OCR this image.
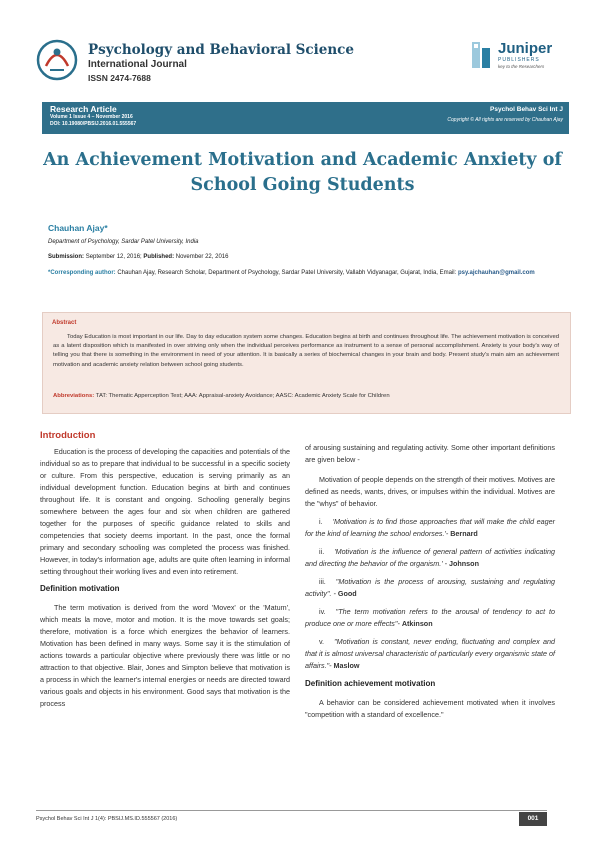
Psychology and Behavioral Science
International Journal
ISSN 2474-7688
Juniper
PUBLISHERS
key to the Researchers
Research Article
Volume 1 Issue 4 – November 2016
DOI: 10.19080/PBSIJ.2016.01.555567
Psychol Behav Sci Int J
Copyright © All rights are reserved by Chauhan Ajay
An Achievement Motivation and Academic Anxiety of School Going Students
Chauhan Ajay*
Department of Psychology, Sardar Patel University, India
Submission: September 12, 2016; Published: November 22, 2016
*Corresponding author: Chauhan Ajay, Research Scholar, Department of Psychology, Sardar Patel University, Vallabh Vidyanagar, Gujarat, India, Email: psy.ajchauhan@gmail.com
Abstract
Today Education is most important in our life. Day to day education system some changes. Education begins at birth and continues throughout life. The achievement motivation is conceived as a latent disposition which is manifested in over striving only when the individual perceives performance as instrument to a sense of personal accomplishment. Anxiety is your body's way of telling you that there is something in the environment in need of your attention. It is basically a series of biochemical changes in your brain and body. Present study's main aim an achievement motivation and academic anxiety relation between school going students.
Abbreviations: TAT: Thematic Apperception Test; AAA: Appraisal-anxiety Avoidance; AASC: Academic Anxiety Scale for Children
Introduction

Education is the process of developing the capacities and potentials of the individual so as to prepare that individual to be successful in a specific society or culture. From this perspective, education is serving primarily as an individual development function. Education begins at birth and continues throughout life. It is constant and ongoing. Schooling generally begins somewhere between the ages four and six when children are gathered together for the purposes of specific guidance related to skills and competencies that society deems important. In the past, once the formal primary and secondary schooling was completed the process was finished. However, in today's information age, adults are quite often learning in informal setting throughout their working lives and even into retirement.

Definition motivation

The term motivation is derived from the word 'Movex' or the 'Matum', which meats la move, motor and motion. It is the move towards set goals; therefore, motivation is a force which energizes the behavior of learners. Motivation has been defined in many ways. Some say it is the stimulation of actions towards a particular objective where previously there was little or no attraction to that objective. Blair, Jones and Simpton believe that motivation is a process in which the learner's internal energies or needs are directed toward various goals and objects in his environment. Good says that motivation is the process

of arousing sustaining and regulating activity. Some other important definitions are given below -

Motivation of people depends on the strength of their motives. Motives are defined as needs, wants, drives, or impulses within the individual. Motives are the "whys" of behavior.

i. 'Motivation is to find those approaches that will make the child eager for the kind of learning the school endorses.'- Bernard
ii. 'Motivation is the influence of general pattern of activities indicating and directing the behavior of the organism.' - Johnson
iii. "Motivation is the process of arousing, sustaining and regulating activity". - Good
iv. "The term motivation refers to the arousal of tendency to act to produce one or more effects"- Atkinson
v. "Motivation is constant, never ending, fluctuating and complex and that it is almost universal characteristic of particularly every organismic state of affairs."- Maslow
Definition achievement motivation

A behavior can be considered achievement motivated when it involves "competition with a standard of excellence."

Psychol Behav Sci Int J 1(4): PBSIJ.MS.ID.555567 (2016)	001
